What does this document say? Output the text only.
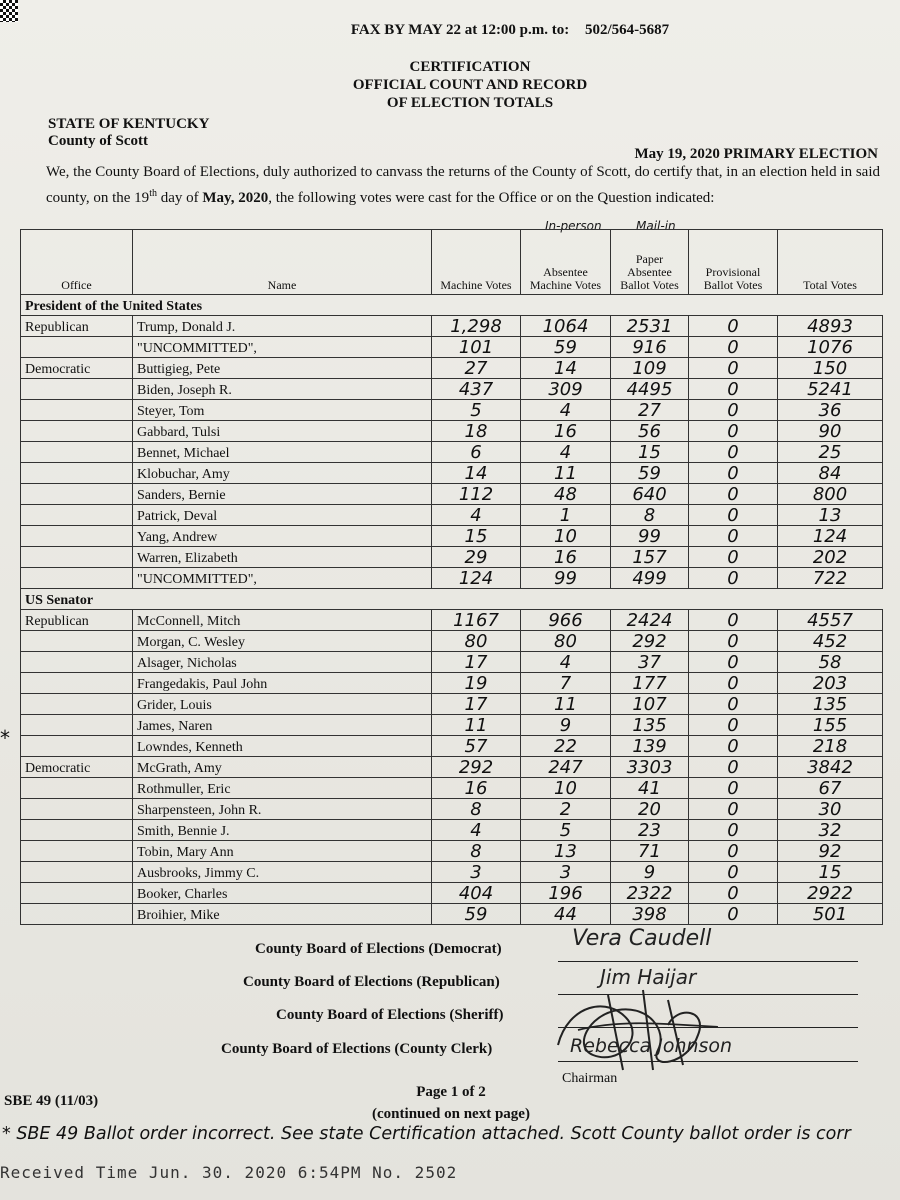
FAX BY MAY 22 at 12:00 p.m. to: 502/564-5687
CERTIFICATION
OFFICIAL COUNT AND RECORD
OF ELECTION TOTALS
STATE OF KENTUCKY
County of Scott
May 19, 2020 PRIMARY ELECTION
We, the County Board of Elections, duly authorized to canvass the returns of the County of Scott, do certify that, in an election held in said county, on the 19th day of May, 2020, the following votes were cast for the Office or on the Question indicated:
In-person	Mail-in
Office	Name	Machine Votes	Absentee Machine Votes	Paper Absentee Ballot Votes	Provisional Ballot Votes	Total Votes
President of the United States						
Republican	Trump, Donald J.	1,298	1064	2531	0	4893
	"UNCOMMITTED",	101	59	916	0	1076
Democratic	Buttigieg, Pete	27	14	109	0	150
	Biden, Joseph R.	437	309	4495	0	5241
	Steyer, Tom	5	4	27	0	36
	Gabbard, Tulsi	18	16	56	0	90
	Bennet, Michael	6	4	15	0	25
	Klobuchar, Amy	14	11	59	0	84
	Sanders, Bernie	112	48	640	0	800
	Patrick, Deval	4	1	8	0	13
	Yang, Andrew	15	10	99	0	124
	Warren, Elizabeth	29	16	157	0	202
	"UNCOMMITTED",	124	99	499	0	722
US Senator						
Republican	McConnell, Mitch	1167	966	2424	0	4557
	Morgan, C. Wesley	80	80	292	0	452
	Alsager, Nicholas	17	4	37	0	58
	Frangedakis, Paul John	19	7	177	0	203
	Grider, Louis	17	11	107	0	135
	James, Naren	11	9	135	0	155
	Lowndes, Kenneth	57	22	139	0	218
Democratic	McGrath, Amy	292	247	3303	0	3842
	Rothmuller, Eric	16	10	41	0	67
	Sharpensteen, John R.	8	2	20	0	30
	Smith, Bennie J.	4	5	23	0	32
	Tobin, Mary Ann	8	13	71	0	92
	Ausbrooks, Jimmy C.	3	3	9	0	15
	Booker, Charles	404	196	2322	0	2922
	Broihier, Mike	59	44	398	0	501
*
County Board of Elections (Democrat)
County Board of Elections (Republican)
County Board of Elections (Sheriff)
County Board of Elections (County Clerk)
Vera Caudell
Jim Haijar
Rebecca Johnson
Chairman
SBE 49 (11/03)
Page 1 of 2
(continued on next page)
* SBE 49 Ballot order incorrect. See state Certification attached. Scott County ballot order is corr
Received Time Jun. 30. 2020 6:54PM No. 2502
